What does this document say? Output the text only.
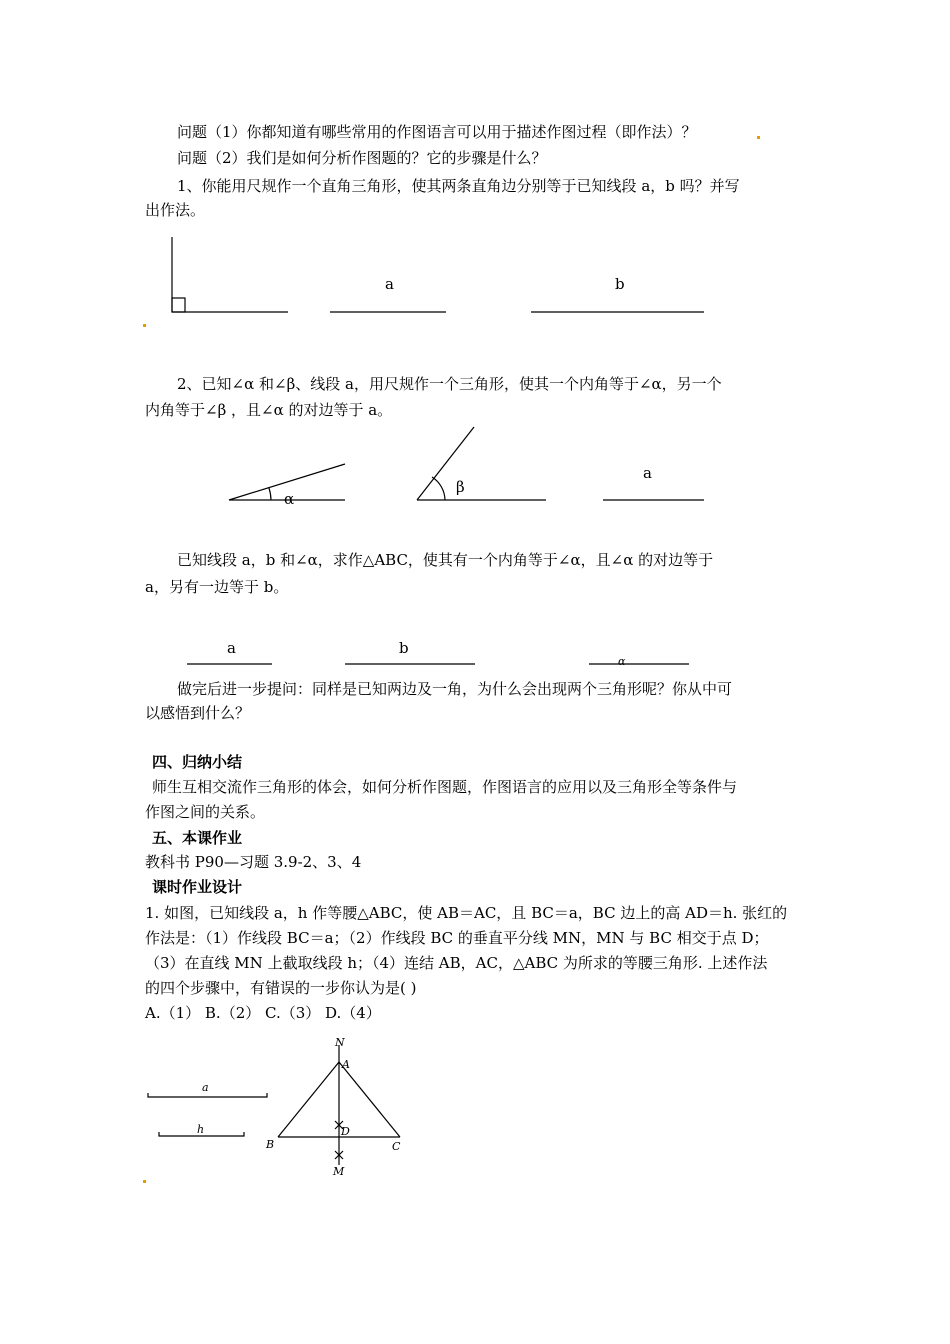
问题（1）你都知道有哪些常用的作图语言可以用于描述作图过程（即作法）？
问题（2）我们是如何分析作图题的？它的步骤是什么？
1、你能用尺规作一个直角三角形，使其两条直角边分别等于已知线段 a，b 吗？并写
出作法。
2、已知∠α 和∠β、线段 a，用尺规作一个三角形，使其一个内角等于∠α，另一个
内角等于∠β ，且∠α 的对边等于 a。
已知线段 a，b 和∠α，求作△ABC，使其有一个内角等于∠α，且∠α 的对边等于
a，另有一边等于 b。
做完后进一步提问：同样是已知两边及一角，为什么会出现两个三角形呢？你从中可
以感悟到什么？
四、归纳小结
师生互相交流作三角形的体会，如何分析作图题，作图语言的应用以及三角形全等条件与
作图之间的关系。
五、本课作业
教科书 P90—习题 3.9-2、3、4
课时作业设计
1. 如图，已知线段 a，h 作等腰△ABC，使 AB＝AC，且 BC＝a，BC 边上的高 AD＝h. 张红的
作法是：（1）作线段 BC＝a；（2）作线段 BC 的垂直平分线 MN，MN 与 BC 相交于点 D；
（3）在直线 MN 上截取线段 h；（4）连结 AB，AC，△ABC 为所求的等腰三角形. 上述作法
的四个步骤中，有错误的一步你认为是( )
A.（1） B.（2） C.（3） D.（4）
a	b
α
β
a
a	b
α
a
h
N
A
D
B	C
M
